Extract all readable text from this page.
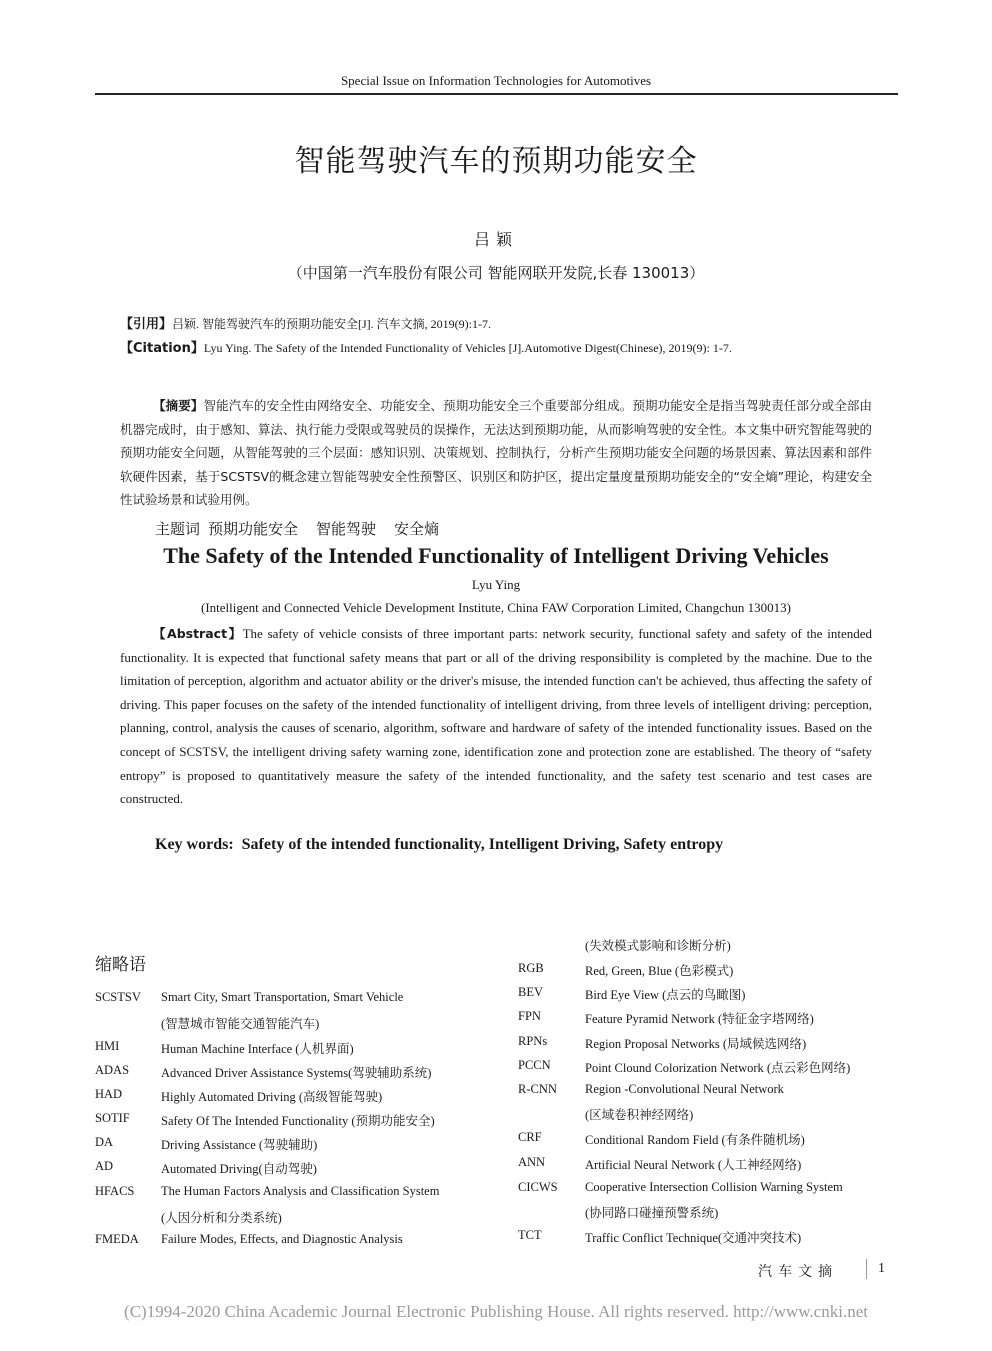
Special Issue on Information Technologies for Automotives
智能驾驶汽车的预期功能安全
吕颖
（中国第一汽车股份有限公司 智能网联开发院,长春 130013）
【引用】吕颖. 智能驾驶汽车的预期功能安全[J]. 汽车文摘, 2019(9):1-7.
【Citation】Lyu Ying. The Safety of the Intended Functionality of Vehicles [J].Automotive Digest(Chinese), 2019(9): 1-7.
【摘要】智能汽车的安全性由网络安全、功能安全、预期功能安全三个重要部分组成。预期功能安全是指当驾驶责任部分或全部由机器完成时，由于感知、算法、执行能力受限或驾驶员的误操作，无法达到预期功能，从而影响驾驶的安全性。本文集中研究智能驾驶的预期功能安全问题，从智能驾驶的三个层面：感知识别、决策规划、控制执行，分析产生预期功能安全问题的场景因素、算法因素和部件软硬件因素，基于SCSTSV的概念建立智能驾驶安全性预警区、识别区和防护区，提出定量度量预期功能安全的“安全熵”理论，构建安全性试验场景和试验用例。
主题词 预期功能安全 智能驾驶 安全熵
The Safety of the Intended Functionality of Intelligent Driving Vehicles
Lyu Ying
(Intelligent and Connected Vehicle Development Institute, China FAW Corporation Limited, Changchun 130013)
【Abstract】The safety of vehicle consists of three important parts: network security, functional safety and safety of the intended functionality. It is expected that functional safety means that part or all of the driving responsibility is completed by the machine. Due to the limitation of perception, algorithm and actuator ability or the driver's misuse, the intended function can't be achieved, thus affecting the safety of driving. This paper focuses on the safety of the intended functionality of intelligent driving, from three levels of intelligent driving: perception, planning, control, analysis the causes of scenario, algorithm, software and hardware of safety of the intended functionality issues. Based on the concept of SCSTSV, the intelligent driving safety warning zone, identification zone and protection zone are established. The theory of “safety entropy” is proposed to quantitatively measure the safety of the intended functionality, and the safety test scenario and test cases are constructed.
Key words: Safety of the intended functionality, Intelligent Driving, Safety entropy
缩略语
SCSTSV Smart City, Smart Transportation, Smart Vehicle
(智慧城市智能交通智能汽车)
HMI	Human Machine Interface (人机界面)
ADAS	Advanced Driver Assistance Systems(驾驶辅助系统)
HAD	Highly Automated Driving (高级智能驾驶)
SOTIF	Safety Of The Intended Functionality (预期功能安全)
DA	Driving Assistance (驾驶辅助)
AD	Automated Driving(自动驾驶)
HFACS The Human Factors Analysis and Classification System
(人因分析和分类系统)
FMEDA Failure Modes, Effects, and Diagnostic Analysis
(失效模式影响和诊断分析)
RGB	Red, Green, Blue (色彩模式)
BEV	Bird Eye View (点云的鸟瞰图)
FPN	Feature Pyramid Network (特征金字塔网络)
RPNs	Region Proposal Networks (局域候选网络)
PCCN	Point Clound Colorization Network (点云彩色网络)
R-CNN Region -Convolutional Neural Network
(区域卷积神经网络)
CRF	Conditional Random Field (有条件随机场)
ANN	Artificial Neural Network (人工神经网络)
CICWS Cooperative Intersection Collision Warning System
(协同路口碰撞预警系统)
TCT	Traffic Conflict Technique(交通冲突技术)
汽车文摘	1
(C)1994-2020 China Academic Journal Electronic Publishing House. All rights reserved. http://www.cnki.net
